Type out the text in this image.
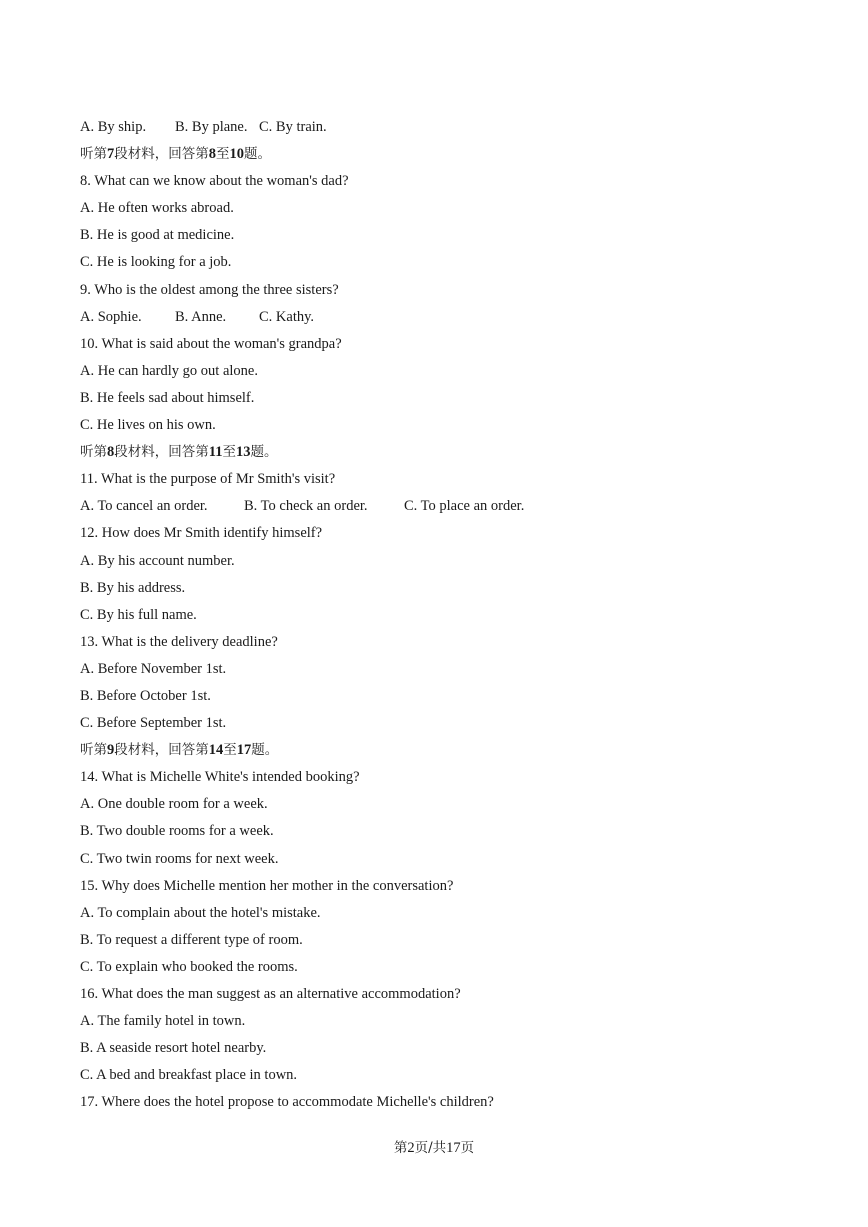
A. By ship. B. By plane. C. By train.
听第7段材料，回答第8至10题。
8. What can we know about the woman's dad?
A. He often works abroad.
B. He is good at medicine.
C. He is looking for a job.
9. Who is the oldest among the three sisters?
A. Sophie. B. Anne. C. Kathy.
10. What is said about the woman's grandpa?
A. He can hardly go out alone.
B. He feels sad about himself.
C. He lives on his own.
听第8段材料，回答第11至13题。
11. What is the purpose of Mr Smith's visit?
A. To cancel an order.	B. To check an order.	C. To place an order.
12. How does Mr Smith identify himself?
A. By his account number.
B. By his address.
C. By his full name.
13. What is the delivery deadline?
A. Before November 1st.
B. Before October 1st.
C. Before September 1st.
听第9段材料，回答第14至17题。
14. What is Michelle White's intended booking?
A. One double room for a week.
B. Two double rooms for a week.
C. Two twin rooms for next week.
15. Why does Michelle mention her mother in the conversation?
A. To complain about the hotel's mistake.
B. To request a different type of room.
C. To explain who booked the rooms.
16. What does the man suggest as an alternative accommodation?
A. The family hotel in town.
B. A seaside resort hotel nearby.
C. A bed and breakfast place in town.
17. Where does the hotel propose to accommodate Michelle's children?
第2页/共17页
